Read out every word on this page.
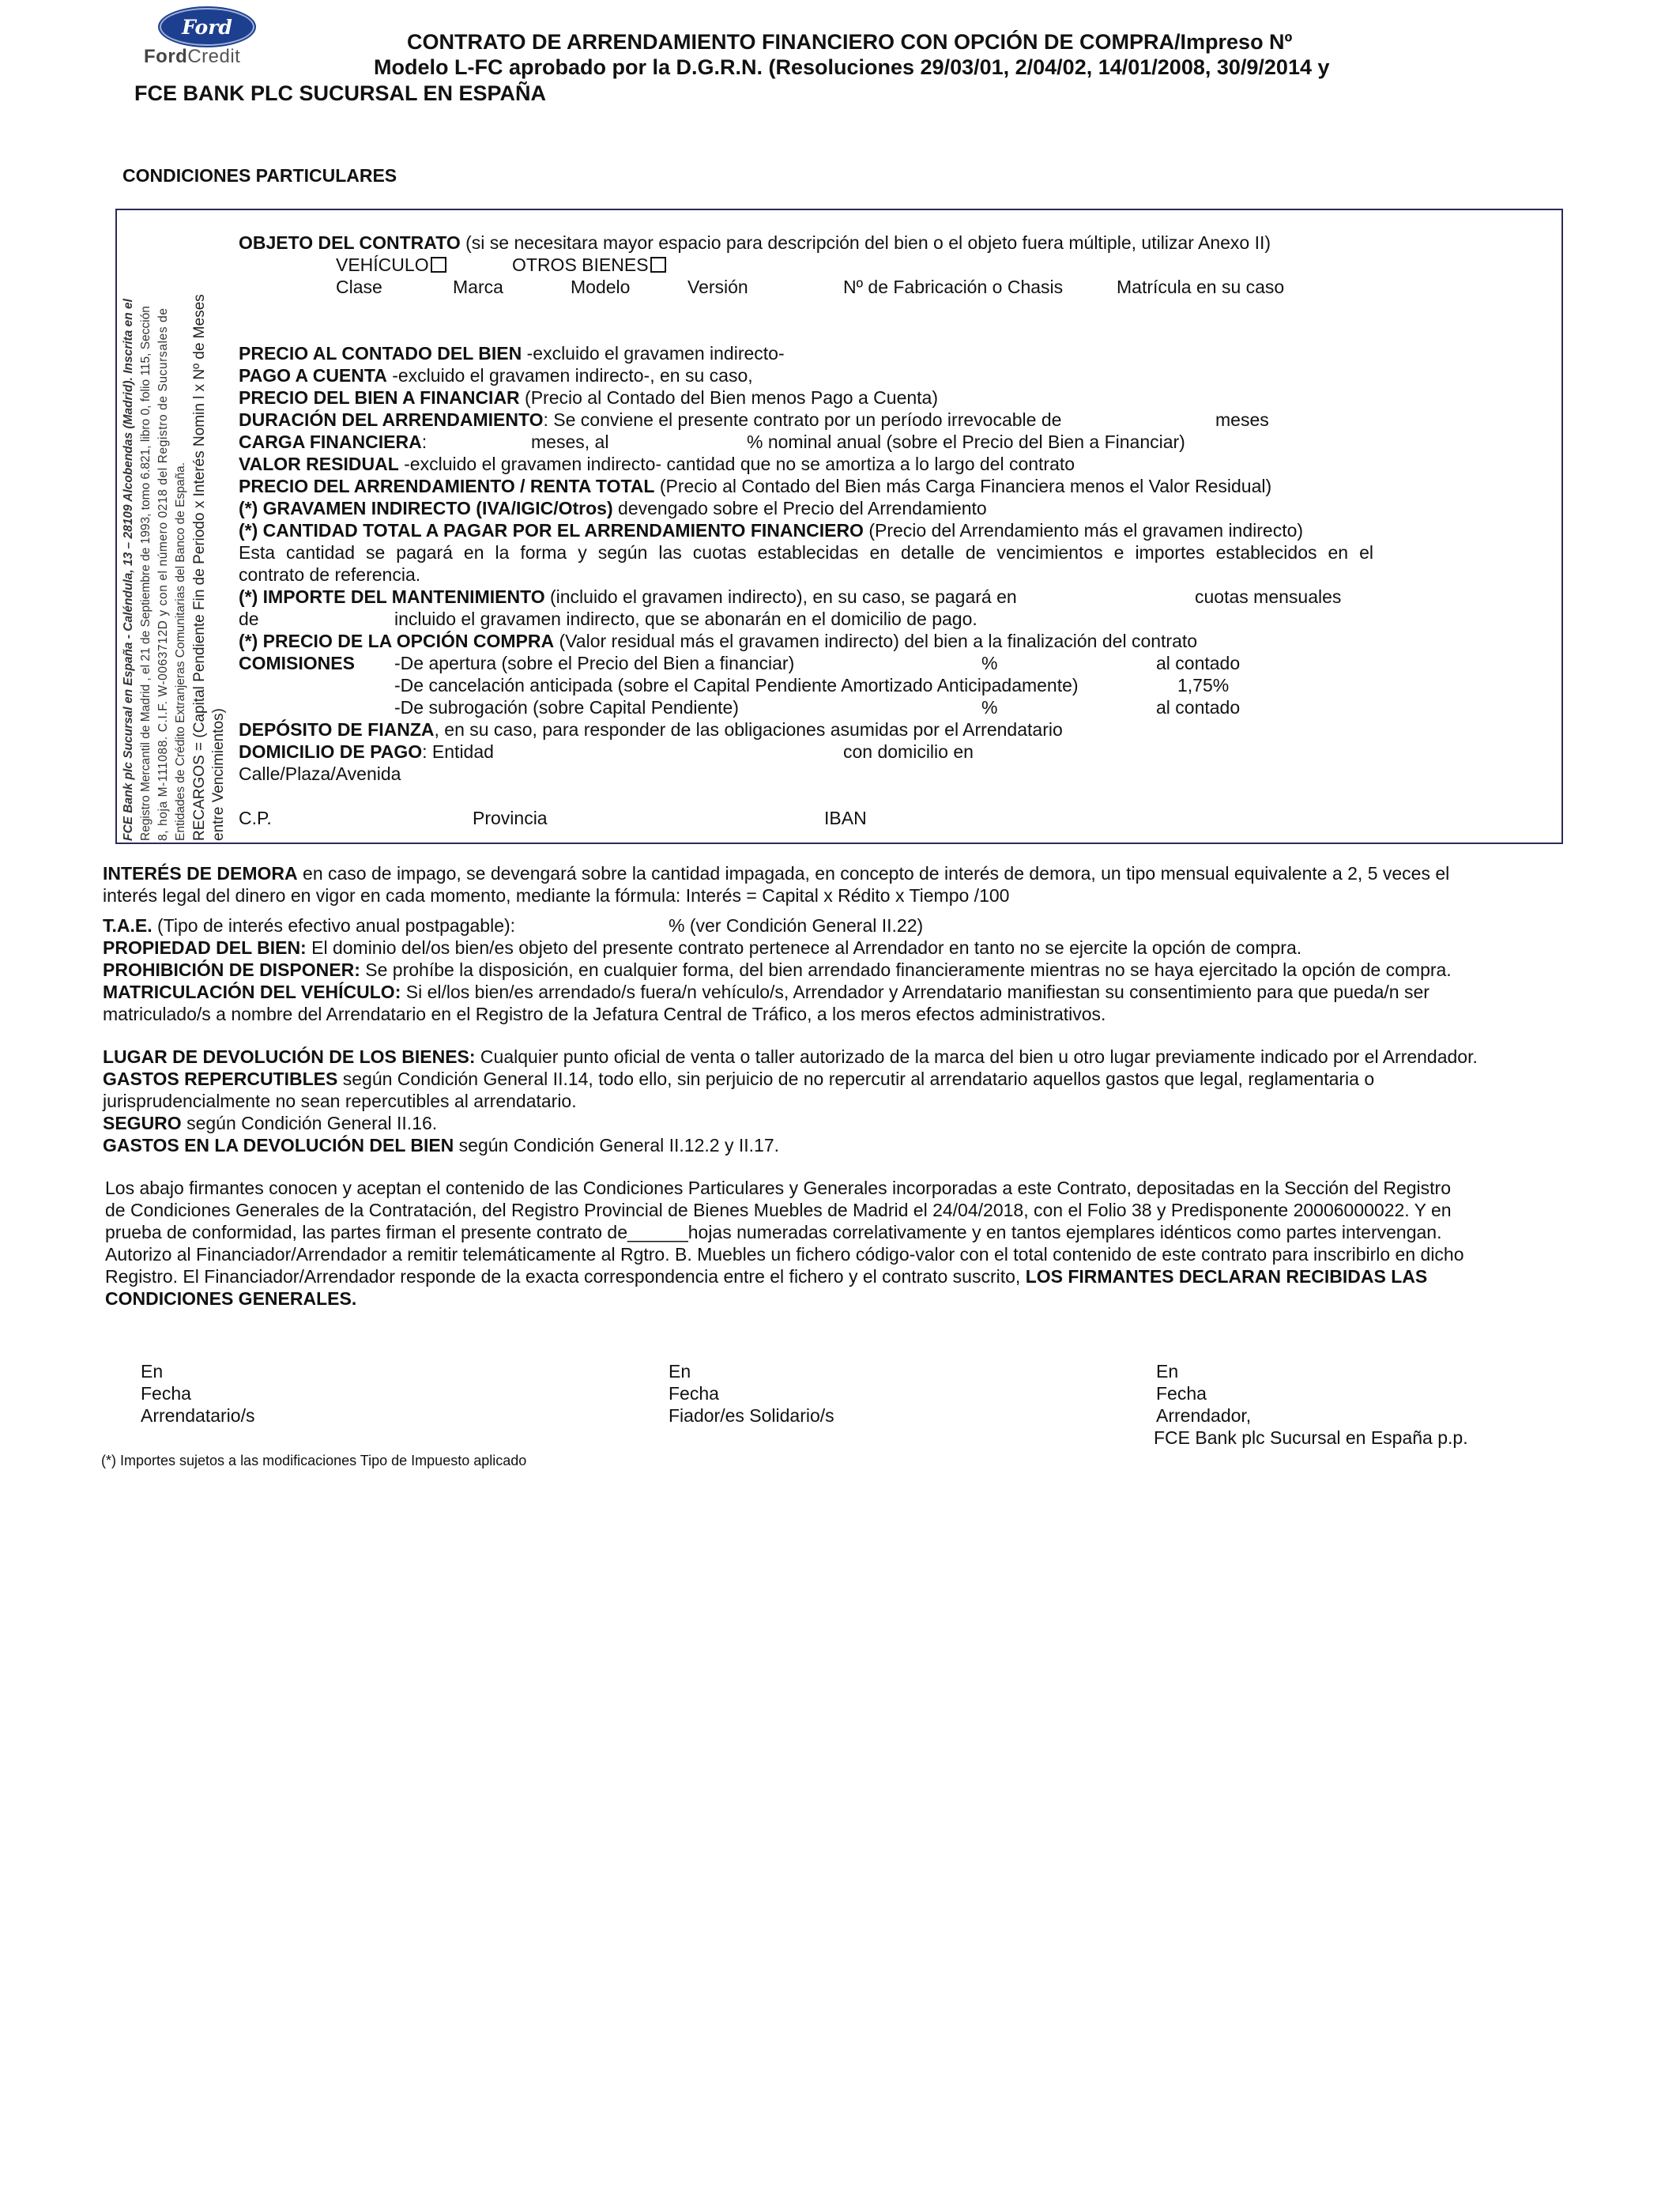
Ford
FordCredit
CONTRATO DE ARRENDAMIENTO FINANCIERO CON OPCIÓN DE COMPRA/Impreso Nº
Modelo L-FC aprobado por la D.G.R.N. (Resoluciones 29/03/01, 2/04/02, 14/01/2008, 30/9/2014 y
FCE BANK PLC SUCURSAL EN ESPAÑA
CONDICIONES PARTICULARES
FCE Bank plc Sucursal en España - Caléndula, 13 – 28109 Alcobendas (Madrid). Inscrita en el Registro Mercantil de Madrid , el 21 de Septiembre de 1993, tomo 6.821, libro 0, folio 115, Sección 8, hoja M-111088. C.I.F. W-0063712D y con el número 0218 del Registro de Sucursales de Entidades de Crédito Extranjeras Comunitarias del Banco de España. RECARGOS = (Capital Pendiente Fin de Periodo x Interés Nomin l x Nº de Meses entre Vencimientos)
OBJETO DEL CONTRATO (si se necesitara mayor espacio para descripción del bien o el objeto fuera múltiple, utilizar Anexo II)
VEHÍCULO	OTROS BIENES
Clase	Marca	Modelo	Versión	Nº de Fabricación o Chasis	Matrícula en su caso
PRECIO AL CONTADO DEL BIEN -excluido el gravamen indirecto-
PAGO A CUENTA -excluido el gravamen indirecto-, en su caso,
PRECIO DEL BIEN A FINANCIAR (Precio al Contado del Bien menos Pago a Cuenta)
DURACIÓN DEL ARRENDAMIENTO: Se conviene el presente contrato por un período irrevocable de	meses
CARGA FINANCIERA:	meses, al	% nominal anual (sobre el Precio del Bien a Financiar)
VALOR RESIDUAL -excluido el gravamen indirecto- cantidad que no se amortiza a lo largo del contrato
PRECIO DEL ARRENDAMIENTO / RENTA TOTAL (Precio al Contado del Bien más Carga Financiera menos el Valor Residual)
(*) GRAVAMEN INDIRECTO (IVA/IGIC/Otros) devengado sobre el Precio del Arrendamiento
(*) CANTIDAD TOTAL A PAGAR POR EL ARRENDAMIENTO FINANCIERO (Precio del Arrendamiento más el gravamen indirecto)
Esta cantidad se pagará en la forma y según las cuotas establecidas en detalle de vencimientos e importes establecidos en el
contrato de referencia.
(*) IMPORTE DEL MANTENIMIENTO (incluido el gravamen indirecto), en su caso, se pagará en	cuotas mensuales
de	incluido el gravamen indirecto, que se abonarán en el domicilio de pago.
(*) PRECIO DE LA OPCIÓN COMPRA (Valor residual más el gravamen indirecto) del bien a la finalización del contrato
COMISIONES -De apertura (sobre el Precio del Bien a financiar)	%	al contado
-De cancelación anticipada (sobre el Capital Pendiente Amortizado Anticipadamente)	1,75%
-De subrogación (sobre Capital Pendiente)	%	al contado
DEPÓSITO DE FIANZA, en su caso, para responder de las obligaciones asumidas por el Arrendatario
DOMICILIO DE PAGO: Entidad	con domicilio en
Calle/Plaza/Avenida
C.P.	Provincia	IBAN
INTERÉS DE DEMORA en caso de impago, se devengará sobre la cantidad impagada, en concepto de interés de demora, un tipo mensual equivalente a 2, 5 veces el
interés legal del dinero en vigor en cada momento, mediante la fórmula: Interés = Capital x Rédito x Tiempo /100
T.A.E. (Tipo de interés efectivo anual postpagable):	% (ver Condición General II.22)
PROPIEDAD DEL BIEN: El dominio del/os bien/es objeto del presente contrato pertenece al Arrendador en tanto no se ejercite la opción de compra.
PROHIBICIÓN DE DISPONER: Se prohíbe la disposición, en cualquier forma, del bien arrendado financieramente mientras no se haya ejercitado la opción de compra.
MATRICULACIÓN DEL VEHÍCULO: Si el/los bien/es arrendado/s fuera/n vehículo/s, Arrendador y Arrendatario manifiestan su consentimiento para que pueda/n ser
matriculado/s a nombre del Arrendatario en el Registro de la Jefatura Central de Tráfico, a los meros efectos administrativos.
LUGAR DE DEVOLUCIÓN DE LOS BIENES: Cualquier punto oficial de venta o taller autorizado de la marca del bien u otro lugar previamente indicado por el Arrendador.
GASTOS REPERCUTIBLES según Condición General II.14, todo ello, sin perjuicio de no repercutir al arrendatario aquellos gastos que legal, reglamentaria o
jurisprudencialmente no sean repercutibles al arrendatario.
SEGURO según Condición General II.16.
GASTOS EN LA DEVOLUCIÓN DEL BIEN según Condición General II.12.2 y II.17.
Los abajo firmantes conocen y aceptan el contenido de las Condiciones Particulares y Generales incorporadas a este Contrato, depositadas en la Sección del Registro
de Condiciones Generales de la Contratación, del Registro Provincial de Bienes Muebles de Madrid el 24/04/2018, con el Folio 38 y Predisponente 20006000022. Y en
prueba de conformidad, las partes firman el presente contrato de______hojas numeradas correlativamente y en tantos ejemplares idénticos como partes intervengan.
Autorizo al Financiador/Arrendador a remitir telemáticamente al Rgtro. B. Muebles un fichero código-valor con el total contenido de este contrato para inscribirlo en dicho
Registro. El Financiador/Arrendador responde de la exacta correspondencia entre el fichero y el contrato suscrito, LOS FIRMANTES DECLARAN RECIBIDAS LAS
CONDICIONES GENERALES.
En
Fecha
Arrendatario/s
En
Fecha
Fiador/es Solidario/s
En
Fecha
Arrendador,
FCE Bank plc Sucursal en España p.p.
(*) Importes sujetos a las modificaciones Tipo de Impuesto aplicado
